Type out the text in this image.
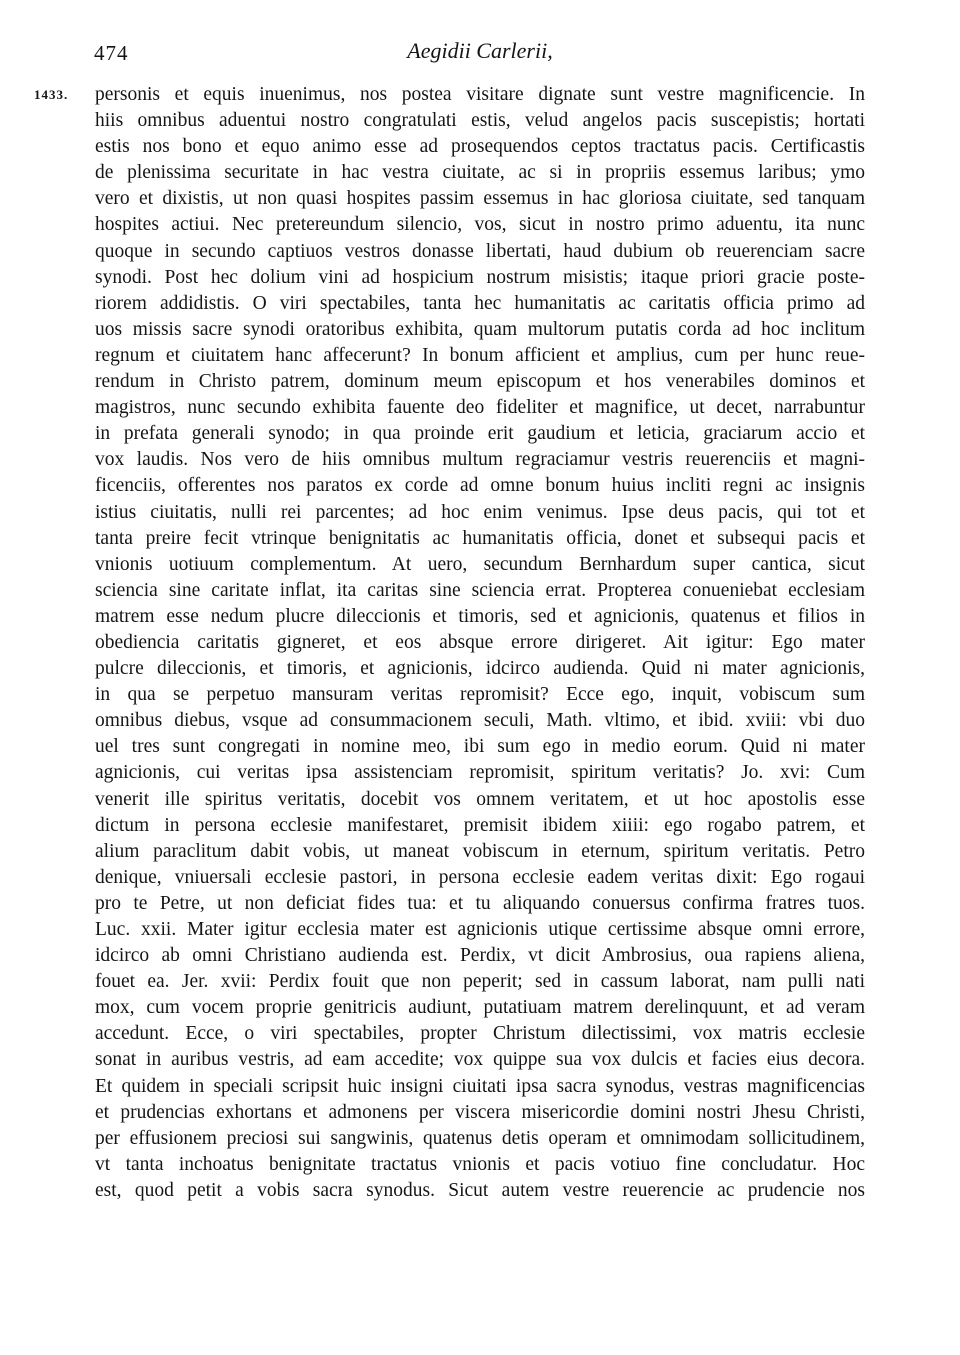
474	Aegidii Carlerii,
1433. personis et equis inuenimus, nos postea visitare dignate sunt vestre magnificencie. In
hiis omnibus aduentui nostro congratulati estis, velud angelos pacis suscepistis; hortati
estis nos bono et equo animo esse ad prosequendos ceptos tractatus pacis. Certificastis
de plenissima securitate in hac vestra ciuitate, ac si in propriis essemus laribus; ymo
vero et dixistis, ut non quasi hospites passim essemus in hac gloriosa ciuitate, sed tanquam
hospites actiui. Nec pretereundum silencio, vos, sicut in nostro primo aduentu, ita nunc
quoque in secundo captiuos vestros donasse libertati, haud dubium ob reuerenciam sacre
synodi. Post hec dolium vini ad hospicium nostrum misistis; itaque priori gracie poste-
riorem addidistis. O viri spectabiles, tanta hec humanitatis ac caritatis officia primo ad
uos missis sacre synodi oratoribus exhibita, quam multorum putatis corda ad hoc inclitum
regnum et ciuitatem hanc affecerunt? In bonum afficient et amplius, cum per hunc reue-
rendum in Christo patrem, dominum meum episcopum et hos venerabiles dominos et
magistros, nunc secundo exhibita fauente deo fideliter et magnifice, ut decet, narrabuntur
in prefata generali synodo; in qua proinde erit gaudium et leticia, graciarum accio et
vox laudis. Nos vero de hiis omnibus multum regraciamur vestris reuerenciis et magni-
ficenciis, offerentes nos paratos ex corde ad omne bonum huius incliti regni ac insignis
istius ciuitatis, nulli rei parcentes; ad hoc enim venimus. Ipse deus pacis, qui tot et
tanta preire fecit vtrinque benignitatis ac humanitatis officia, donet et subsequi pacis et
vnionis uotiuum complementum. At uero, secundum Bernhardum super cantica, sicut
sciencia sine caritate inflat, ita caritas sine sciencia errat. Propterea conueniebat ecclesiam
matrem esse nedum plucre dileccionis et timoris, sed et agnicionis, quatenus et filios in
obediencia caritatis gigneret, et eos absque errore dirigeret. Ait igitur: Ego mater
pulcre dileccionis, et timoris, et agnicionis, idcirco audienda. Quid ni mater agnicionis,
in qua se perpetuo mansuram veritas repromisit? Ecce ego, inquit, vobiscum sum
omnibus diebus, vsque ad consummacionem seculi, Math. vltimo, et ibid. xviii: vbi duo
uel tres sunt congregati in nomine meo, ibi sum ego in medio eorum. Quid ni mater
agnicionis, cui veritas ipsa assistenciam repromisit, spiritum veritatis? Jo. xvi: Cum
venerit ille spiritus veritatis, docebit vos omnem veritatem, et ut hoc apostolis esse
dictum in persona ecclesie manifestaret, premisit ibidem xiiii: ego rogabo patrem, et
alium paraclitum dabit vobis, ut maneat vobiscum in eternum, spiritum veritatis. Petro
denique, vniuersali ecclesie pastori, in persona ecclesie eadem veritas dixit: Ego rogaui
pro te Petre, ut non deficiat fides tua: et tu aliquando conuersus confirma fratres tuos.
Luc. xxii. Mater igitur ecclesia mater est agnicionis utique certissime absque omni errore,
idcirco ab omni Christiano audienda est. Perdix, vt dicit Ambrosius, oua rapiens aliena,
fouet ea. Jer. xvii: Perdix fouit que non peperit; sed in cassum laborat, nam pulli nati
mox, cum vocem proprie genitricis audiunt, putatiuam matrem derelinquunt, et ad veram
accedunt. Ecce, o viri spectabiles, propter Christum dilectissimi, vox matris ecclesie
sonat in auribus vestris, ad eam accedite; vox quippe sua vox dulcis et facies eius decora.
Et quidem in speciali scripsit huic insigni ciuitati ipsa sacra synodus, vestras magnificencias
et prudencias exhortans et admonens per viscera misericordie domini nostri Jhesu Christi,
per effusionem preciosi sui sangwinis, quatenus detis operam et omnimodam sollicitudinem,
vt tanta inchoatus benignitate tractatus vnionis et pacis votiuo fine concludatur. Hoc
est, quod petit a vobis sacra synodus. Sicut autem vestre reuerencie ac prudencie nos
